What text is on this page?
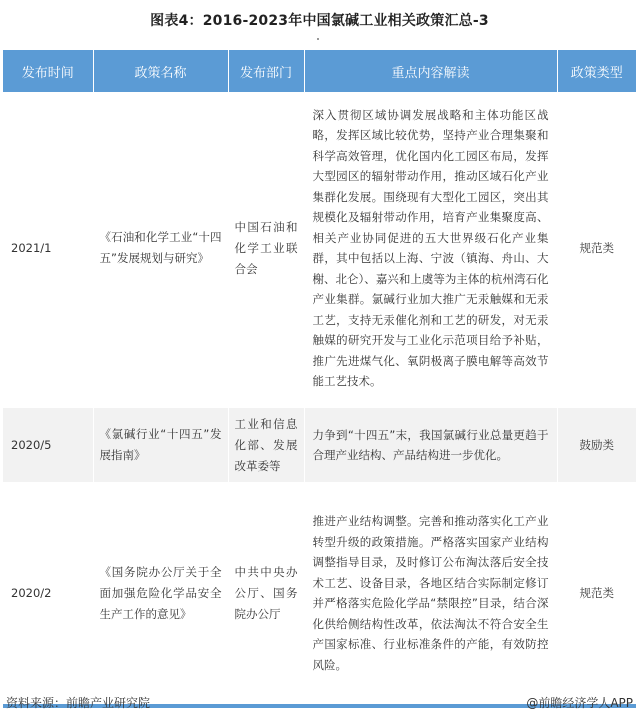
图表4：2016-2023年中国氯碱工业相关政策汇总-3
发布时间	政策名称	发布部门	重点内容解读	政策类型
2021/1	《石油和化学工业“十四五”发展规划与研究》	中国石油和化学工业联合会	深入贯彻区域协调发展战略和主体功能区战略，发挥区域比较优势，坚持产业合理集聚和科学高效管理，优化国内化工园区布局，发挥大型园区的辐射带动作用，推动区域石化产业集群化发展。围绕现有大型化工园区，突出其规模化及辐射带动作用，培育产业集聚度高、相关产业协同促进的五大世界级石化产业集群，其中包括以上海、宁波（镇海、舟山、大榭、北仑）、嘉兴和上虞等为主体的杭州湾石化产业集群。氯碱行业加大推广无汞触媒和无汞工艺，支持无汞催化剂和工艺的研发，对无汞触媒的研究开发与工业化示范项目给予补贴，推广先进煤气化、氧阴极离子膜电解等高效节能工艺技术。	规范类
2020/5	《氯碱行业“十四五”发展指南》	工业和信息化部、发展改革委等	力争到“十四五”末，我国氯碱行业总量更趋于合理产业结构、产品结构进一步优化。	鼓励类
2020/2	《国务院办公厅关于全面加强危险化学品安全生产工作的意见》	中共中央办公厅、国务院办公厅	推进产业结构调整。完善和推动落实化工产业转型升级的政策措施。严格落实国家产业结构调整指导目录，及时修订公布淘汰落后安全技术工艺、设备目录，各地区结合实际制定修订并严格落实危险化学品“禁限控”目录，结合深化供给侧结构性改革，依法淘汰不符合安全生产国家标准、行业标准条件的产能，有效防控风险。	规范类

资料来源：前瞻产业研究院	@前瞻经济学人APP
